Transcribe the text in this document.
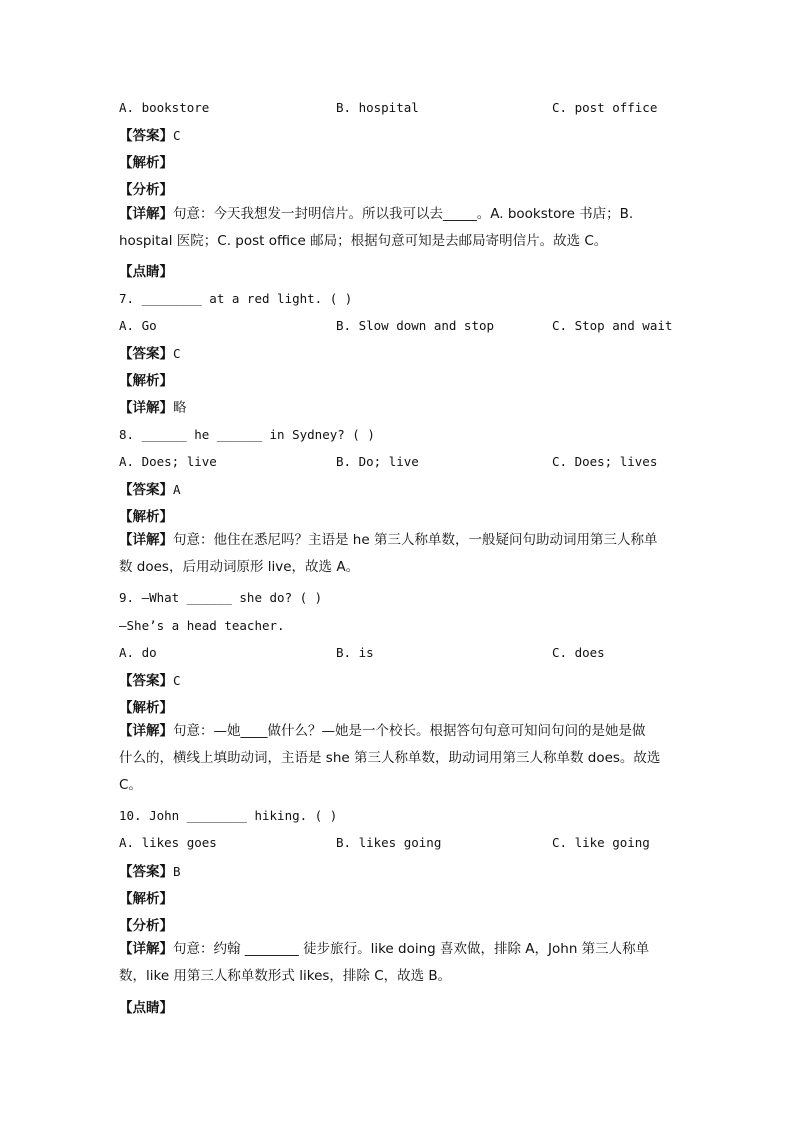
A. bookstore	B. hospital	C. post office
【答案】C
【解析】
【分析】
【详解】句意：今天我想发一封明信片。所以我可以去_____。A. bookstore 书店；B.
hospital 医院；C. post office 邮局；根据句意可知是去邮局寄明信片。故选 C。
【点睛】
7. ________ at a red light. ( )
A. Go	B. Slow down and stop	C. Stop and wait
【答案】C
【解析】
【详解】略
8. ______ he ______ in Sydney? ( )
A. Does; live	B. Do; live	C. Does; lives
【答案】A
【解析】
【详解】句意：他住在悉尼吗？主语是 he 第三人称单数，一般疑问句助动词用第三人称单
数 does，后用动词原形 live，故选 A。
9. —What ______ she do? ( )
—She’s a head teacher.
A. do	B. is	C. does
【答案】C
【解析】
【详解】句意：—她____做什么？—她是一个校长。根据答句句意可知问句问的是她是做
什么的，横线上填助动词，主语是 she 第三人称单数，助动词用第三人称单数 does。故选
C。
10. John ________ hiking. ( )
A. likes goes	B. likes going	C. like going
【答案】B
【解析】
【分析】
【详解】句意：约翰 ________ 徒步旅行。like doing 喜欢做，排除 A，John 第三人称单
数，like 用第三人称单数形式 likes，排除 C，故选 B。
【点睛】
